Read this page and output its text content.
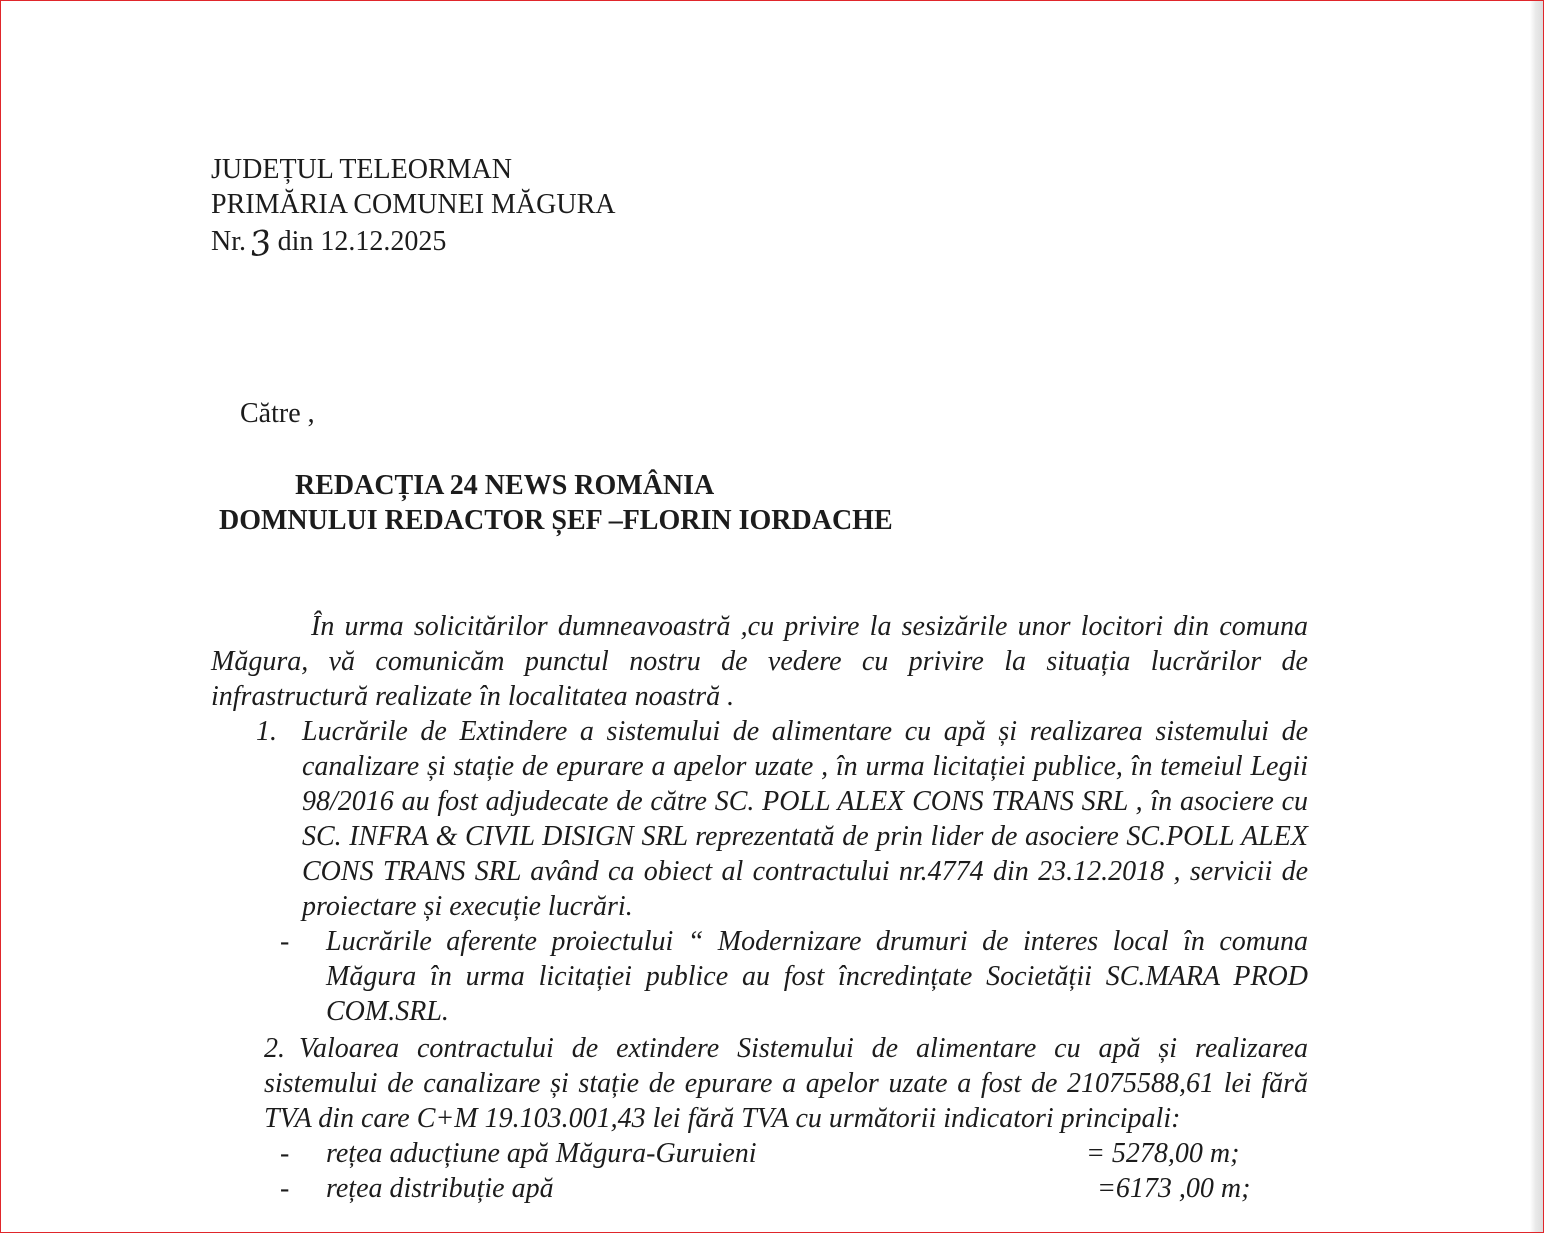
JUDEȚUL TELEORMAN
PRIMĂRIA COMUNEI MĂGURA
Nr.3 din 12.12.2025
Către ,
REDACȚIA 24 NEWS ROMÂNIA
DOMNULUI REDACTOR ȘEF –FLORIN IORDACHE

În urma solicitărilor dumneavoastră ,cu privire la sesizările unor locitori din comuna Măgura, vă comunicăm punctul nostru de vedere cu privire la situația lucrărilor de infrastructură realizate în localitatea noastră .

1. Lucrările de Extindere a sistemului de alimentare cu apă și realizarea sistemului de canalizare și stație de epurare a apelor uzate , în urma licitației publice, în temeiul Legii 98/2016 au fost adjudecate de către SC. POLL ALEX CONS TRANS SRL , în asociere cu SC. INFRA & CIVIL DISIGN SRL reprezentată de prin lider de asociere SC.POLL ALEX CONS TRANS SRL având ca obiect al contractului nr.4774 din 23.12.2018 , servicii de proiectare și execuție lucrări.
- Lucrările aferente proiectului “ Modernizare drumuri de interes local în comuna Măgura în urma licitației publice au fost încredințate Societății SC.MARA PROD COM.SRL.
2. Valoarea contractului de extindere Sistemului de alimentare cu apă și realizarea sistemului de canalizare și stație de epurare a apelor uzate a fost de 21075588,61 lei fără TVA din care C+M 19.103.001,43 lei fără TVA cu următorii indicatori principali:
- rețea aducțiune apă Măgura-Guruieni	= 5278,00 m;
- rețea distribuție apă	=6173 ,00 m;
